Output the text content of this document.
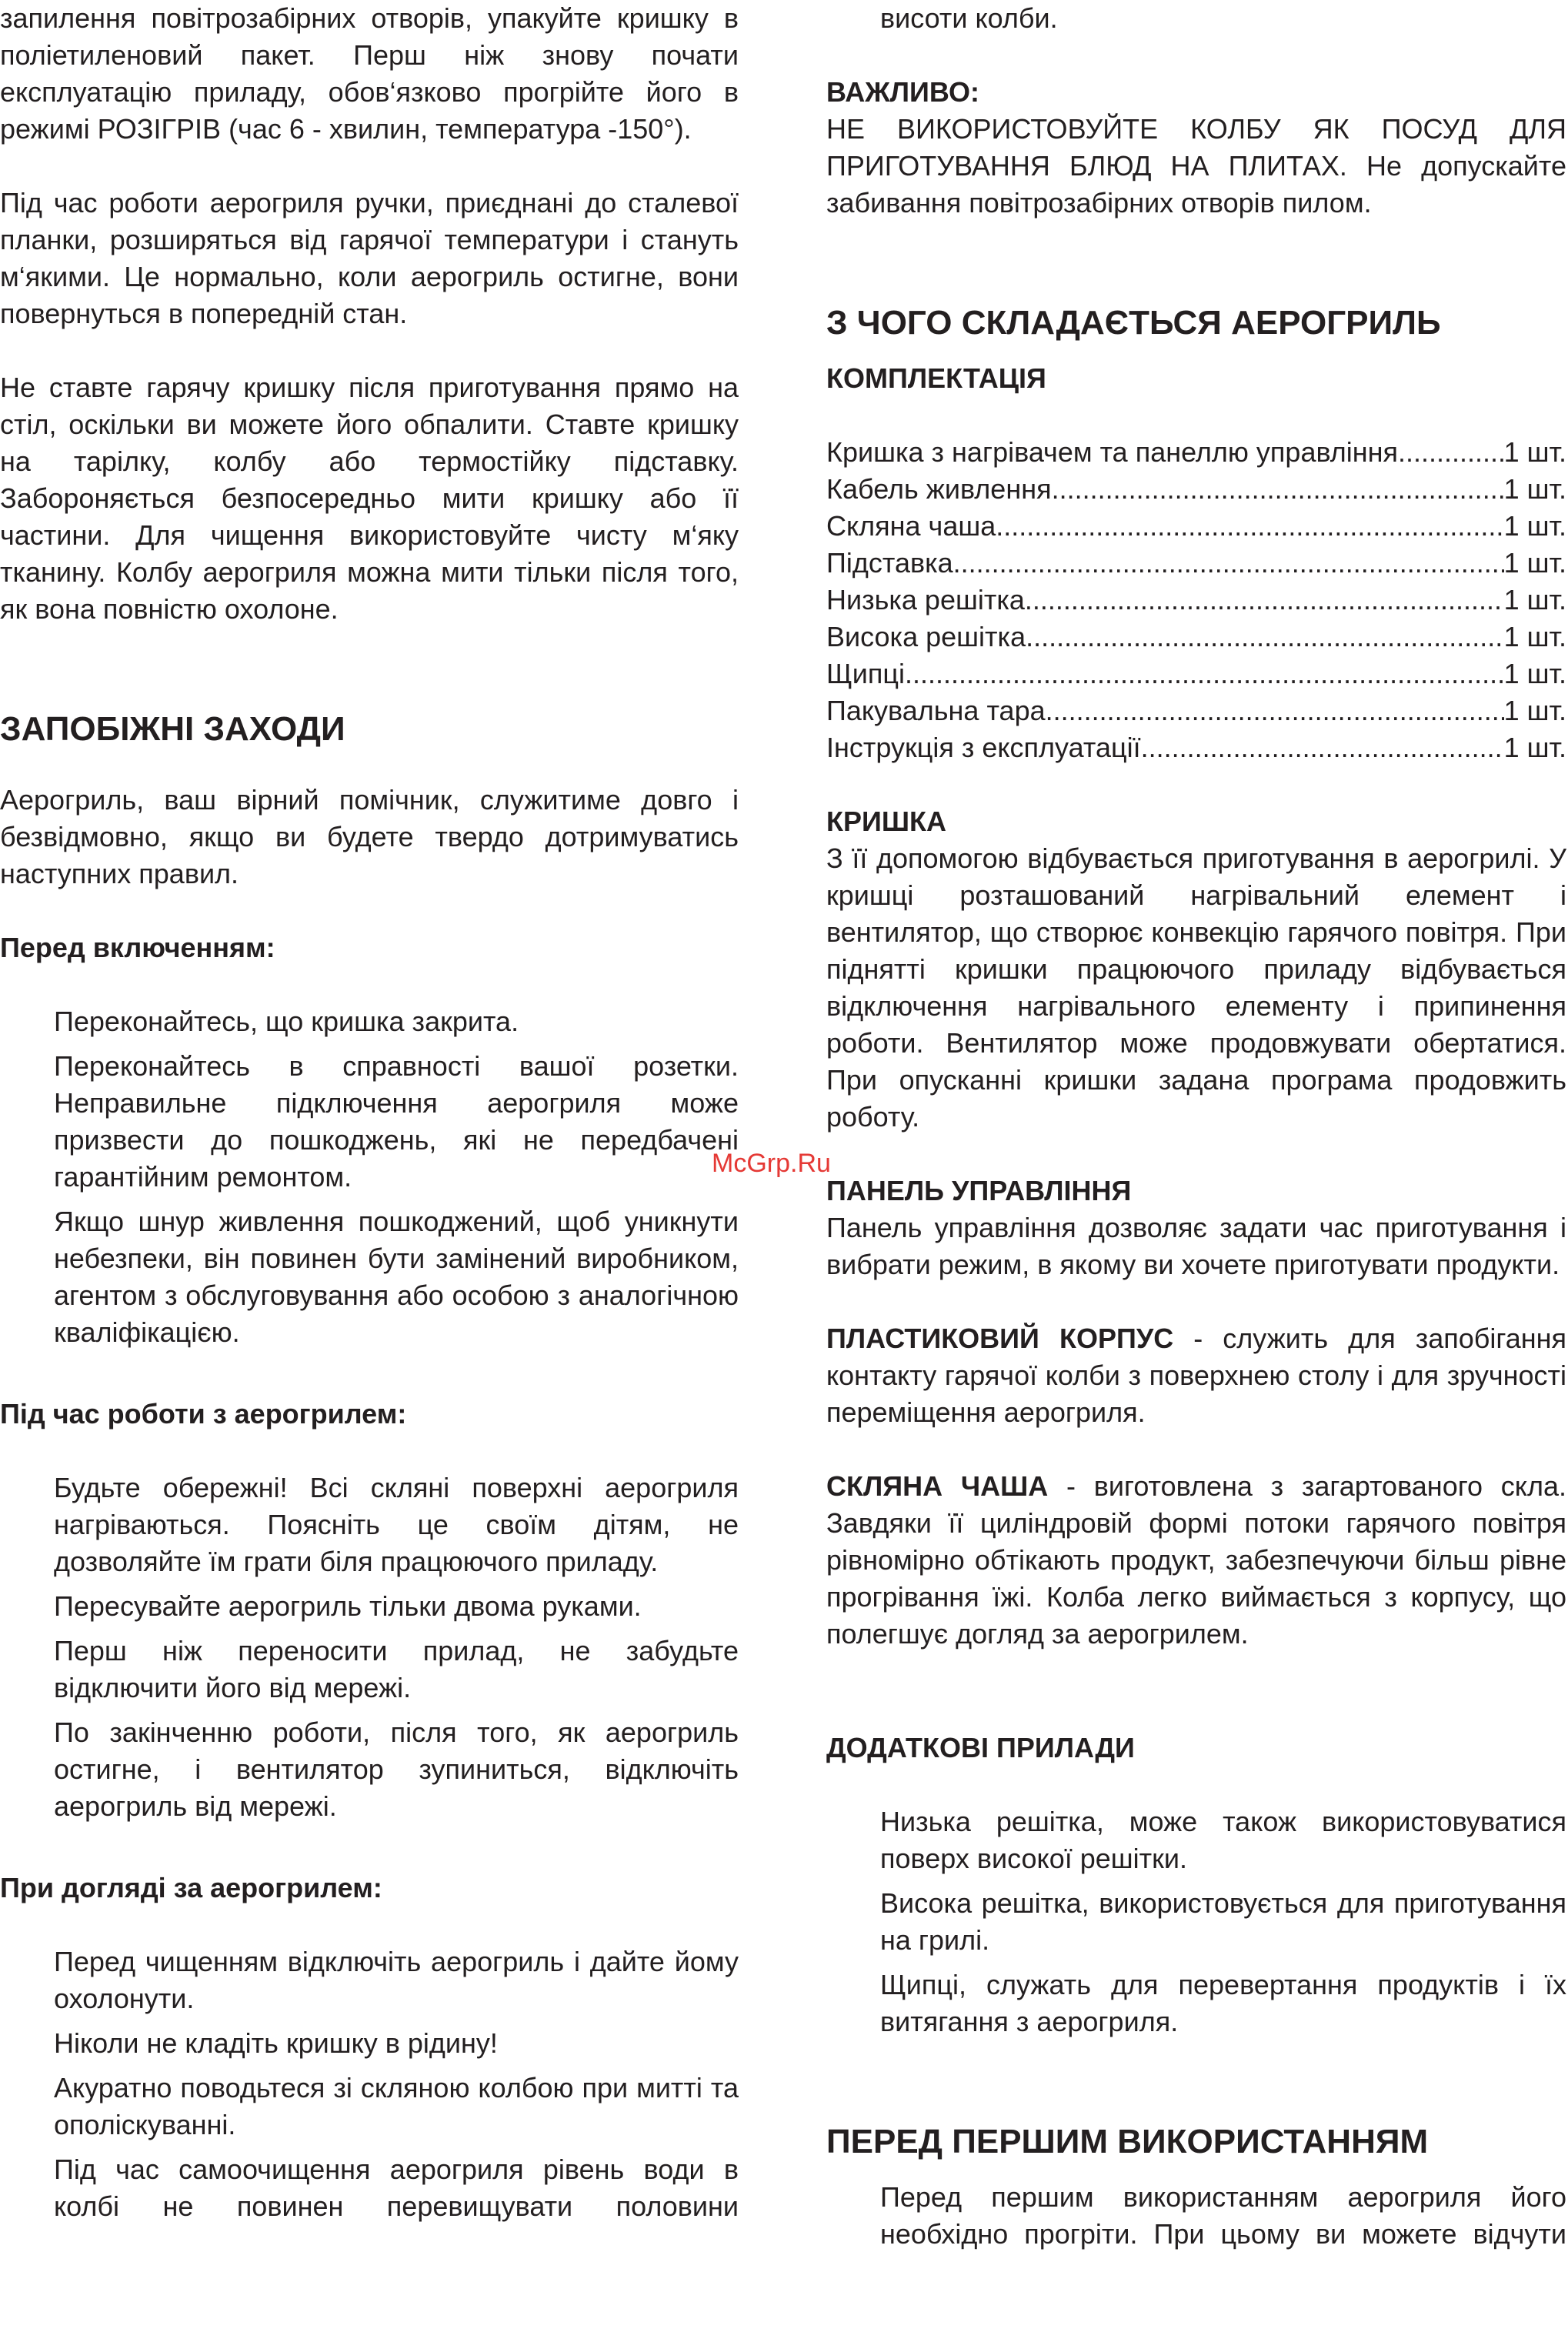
запилення повітрозабірних отворів, упакуйте кришку в поліетиленовий пакет. Перш ніж знову почати експлуатацію приладу, обов‘язково прогрійте його в режимі РОЗІГРІВ (час 6 - хвилин, температура -150°).

Під час роботи аерогриля ручки, приєднані до сталевої планки, розширяться від гарячої температури і стануть м‘якими. Це нормально, коли аерогриль остигне, вони повернуться в попередній стан.

Не ставте гарячу кришку після приготування прямо на стіл, оскільки ви можете його обпалити. Ставте кришку на тарілку, колбу або термостійку підставку. Забороняється безпосередньо мити кришку або її частини. Для чищення використовуйте чисту м‘яку тканину. Колбу аерогриля можна мити тільки після того, як вона повністю охолоне.

ЗАПОБІЖНІ ЗАХОДИ

Аерогриль, ваш вірний помічник, служитиме довго і безвідмовно, якщо ви будете твердо дотримуватись наступних правил.

Перед включенням:

Переконайтесь, що кришка закрита.

Переконайтесь в справності вашої розетки. Неправильне підключення аерогриля може призвести до пошкоджень, які не передбачені гарантійним ремонтом.

Якщо шнур живлення пошкоджений, щоб уникнути небезпеки, він повинен бути замінений виробником, агентом з обслуговування або особою з аналогічною кваліфікацією.

Під час роботи з аерогрилем:

Будьте обережні! Всі скляні поверхні аерогриля нагріваються. Поясніть це своїм дітям, не дозволяйте їм грати біля працюючого приладу.

Пересувайте аерогриль тільки двома руками.

Перш ніж переносити прилад, не забудьте відключити його від мережі.

По закінченню роботи, після того, як аерогриль остигне, і вентилятор зупиниться, відключіть аерогриль від мережі.

При догляді за аерогрилем:

Перед чищенням відключіть аерогриль і дайте йому охолонути.

Ніколи не кладіть кришку в рідину!

Акуратно поводьтеся зі скляною колбою при митті та ополіскуванні.

Під час самоочищення аерогриля рівень води в колбі не повинен перевищувати половини

висоти колби.

ВАЖЛИВО:

НЕ ВИКОРИСТОВУЙТЕ КОЛБУ ЯК ПОСУД ДЛЯ ПРИГОТУВАННЯ БЛЮД НА ПЛИТАХ. Не допускайте забивання повітрозабірних отворів пилом.

З ЧОГО СКЛАДАЄТЬСЯ АЕРОГРИЛЬ
КОМПЛЕКТАЦІЯ
Кришка з нагрівачем та панеллю управління .....	1 шт.
Кабель живлення .....	1 шт.
Скляна чаша .....	1 шт.
Підставка .....	1 шт.
Низька решітка .....	1 шт.
Висока решітка .....	1 шт.
Щипці .....	1 шт.
Пакувальна тара .....	1 шт.
Інструкція з експлуатації .....	1 шт.
КРИШКА

З її допомогою відбувається приготування в аерогрилі. У кришці розташований нагрівальний елемент і вентилятор, що створює конвекцію гарячого повітря. При піднятті кришки працюючого приладу відбувається відключення нагрівального елементу і припинення роботи. Вентилятор може продовжувати обертатися. При опусканні кришки задана програма продовжить роботу.

ПАНЕЛЬ УПРАВЛІННЯ

Панель управління дозволяє задати час приготування і вибрати режим, в якому ви хочете приготувати продукти.

ПЛАСТИКОВИЙ КОРПУС - служить для запобігання контакту гарячої колби з поверхнею столу і для зручності переміщення аерогриля.

СКЛЯНА ЧАША - виготовлена з загартованого скла. Завдяки її циліндровій формі потоки гарячого повітря рівномірно обтікають продукт, забезпечуючи більш рівне прогрівання їжі. Колба легко виймається з корпусу, що полегшує догляд за аерогрилем.

ДОДАТКОВІ ПРИЛАДИ

Низька решітка, може також використовуватися поверх високої решітки.

Висока решітка, використовується для приготування на грилі.

Щипці, служать для перевертання продуктів і їх витягання з аерогриля.

ПЕРЕД ПЕРШИМ ВИКОРИСТАННЯМ

Перед першим використанням аерогриля його необхідно прогріти. При цьому ви можете відчути

McGrp.Ru
